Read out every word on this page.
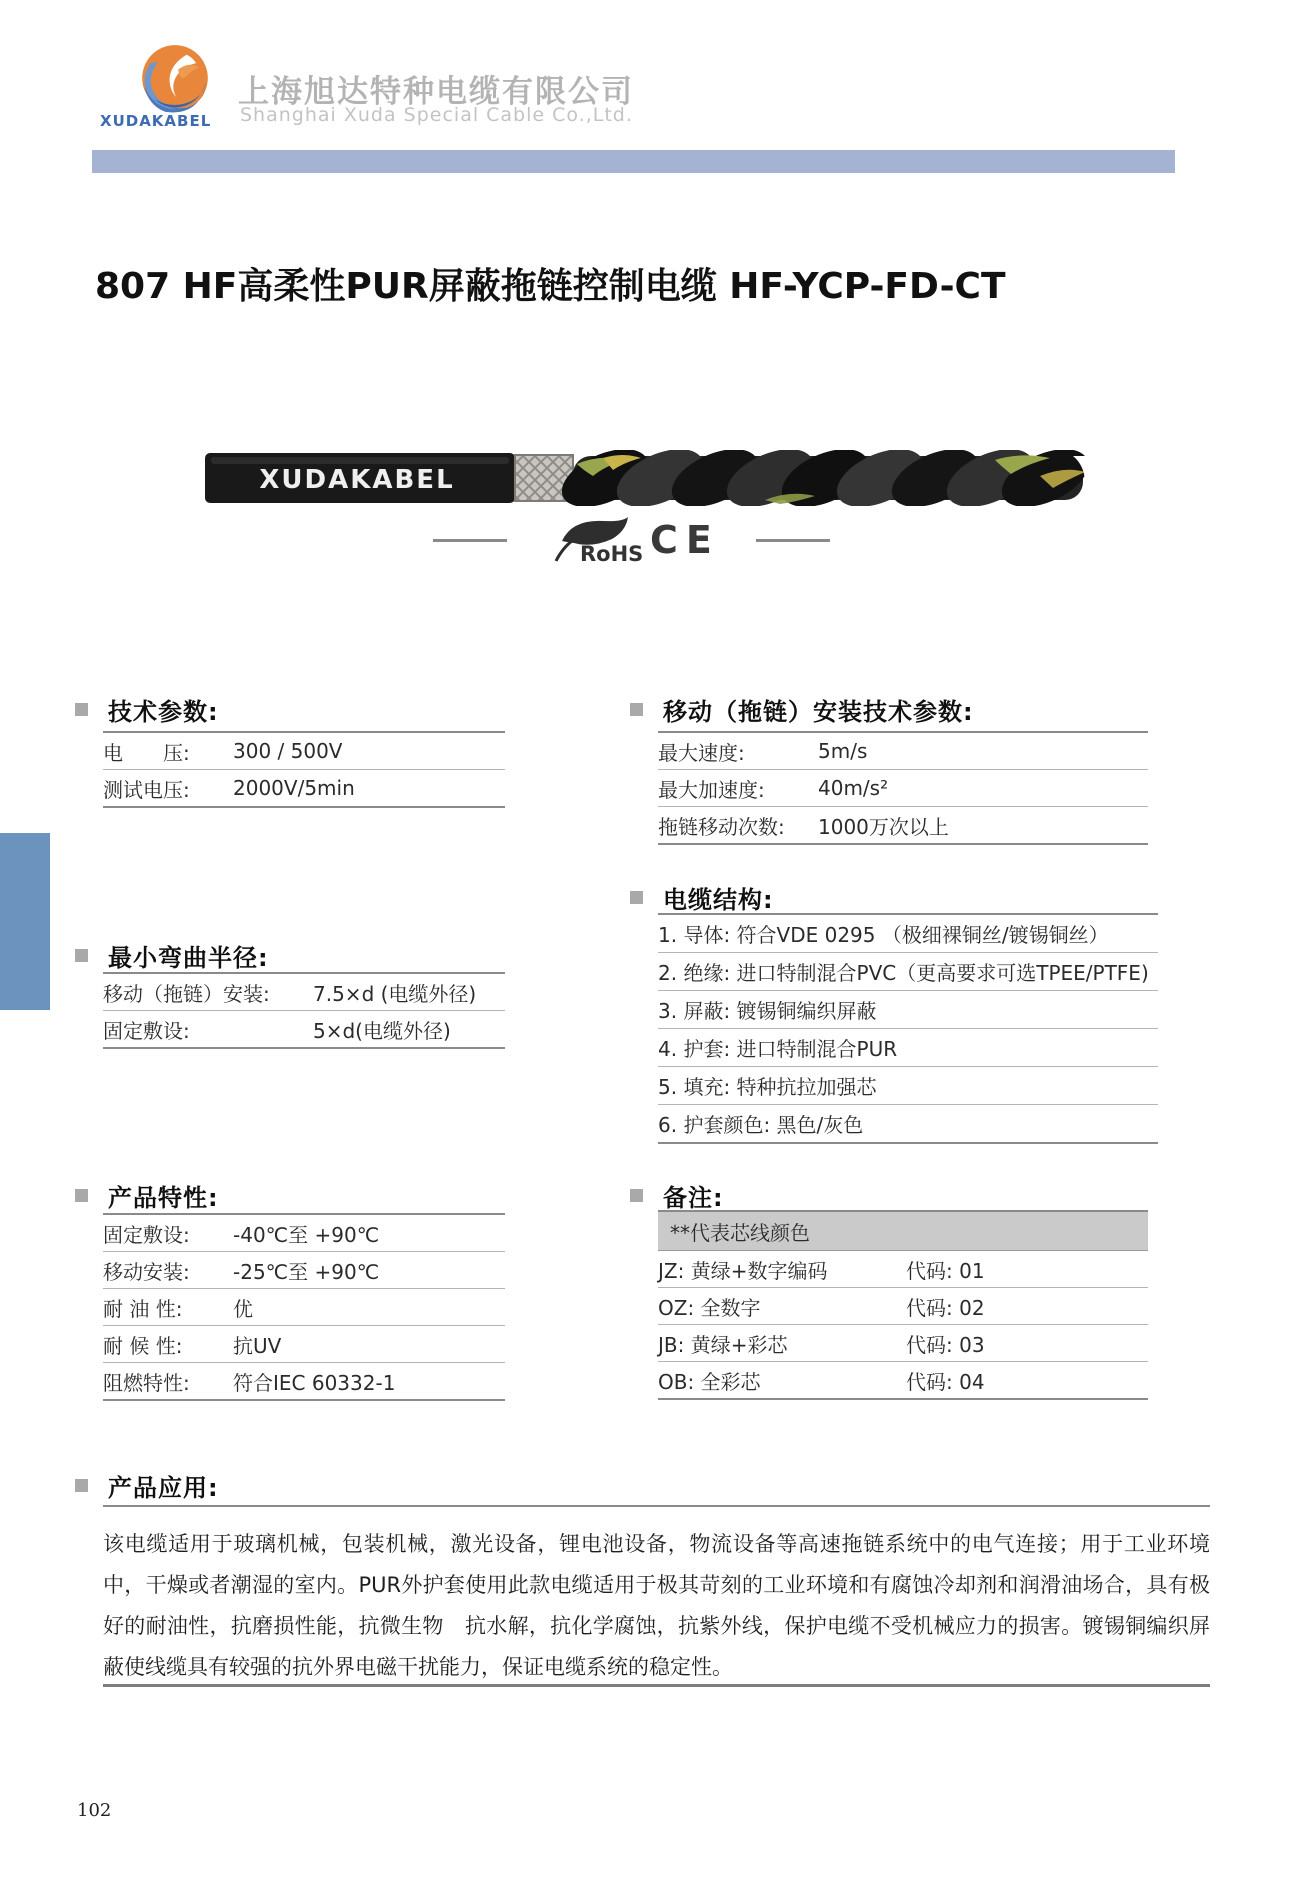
XUDAKABEL
上海旭达特种电缆有限公司
Shanghai Xuda Special Cable Co.,Ltd.
807 HF高柔性PUR屏蔽拖链控制电缆 HF-YCP-FD-CT
XUDAKABEL
RoHS CE
技术参数:
电　　压:	300 / 500V
测试电压:	2000V/5min
移动（拖链）安装技术参数:
最大速度:	5m/s
最大加速度:	40m/s²
拖链移动次数:	1000万次以上
电缆结构:
1. 导体: 符合VDE 0295 （极细裸铜丝/镀锡铜丝）
2. 绝缘: 进口特制混合PVC（更高要求可选TPEE/PTFE)
3. 屏蔽: 镀锡铜编织屏蔽
4. 护套: 进口特制混合PUR
5. 填充: 特种抗拉加强芯
6. 护套颜色: 黑色/灰色
最小弯曲半径:
移动（拖链）安装:	7.5×d (电缆外径)
固定敷设:	5×d(电缆外径)
产品特性:
固定敷设:	-40℃至 +90℃
移动安装:	-25℃至 +90℃
耐 油 性:	优
耐 候 性:	抗UV
阻燃特性:	符合IEC 60332-1
备注:
**代表芯线颜色
JZ: 黄绿+数字编码	代码: 01
OZ: 全数字	代码: 02
JB: 黄绿+彩芯	代码: 03
OB: 全彩芯	代码: 04
产品应用:
该电缆适用于玻璃机械，包装机械，激光设备，锂电池设备，物流设备等高速拖链系统中的电气连接；用于工业环境中，干燥或者潮湿的室内。PUR外护套使用此款电缆适用于极其苛刻的工业环境和有腐蚀冷却剂和润滑油场合，具有极好的耐油性，抗磨损性能，抗微生物　抗水解，抗化学腐蚀，抗紫外线，保护电缆不受机械应力的损害。镀锡铜编织屏蔽使线缆具有较强的抗外界电磁干扰能力，保证电缆系统的稳定性。
102
